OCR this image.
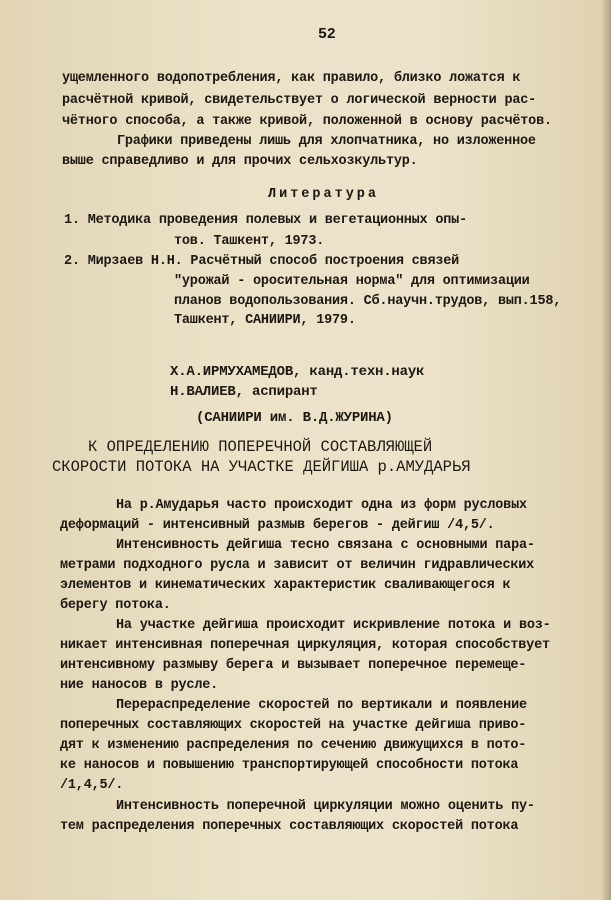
52
ущемленного водопотребления, как правило, близко ложатся к
расчётной кривой, свидетельствует о логической верности рас-
чётного способа, а также кривой, положенной в основу расчётов.
Графики приведены лишь для хлопчатника, но изложенное
выше справедливо и для прочих сельхозкультур.
Литература
1. Методика проведения полевых и вегетационных опы-
тов. Ташкент, 1973.
2. Мирзаев Н.Н. Расчётный способ построения связей
"урожай - оросительная норма" для оптимизации
планов водопользования. Сб.научн.трудов, вып.158,
Ташкент, САНИИРИ, 1979.
Х.А.ИРМУХАМЕДОВ, канд.техн.наук
Н.ВАЛИЕВ, аспирант
(САНИИРИ им. В.Д.ЖУРИНА)
К ОПРЕДЕЛЕНИЮ ПОПЕРЕЧНОЙ СОСТАВЛЯЮЩЕЙ
СКОРОСТИ ПОТОКА НА УЧАСТКЕ ДЕЙГИША р.АМУДАРЬЯ
На р.Амударья часто происходит одна из форм русловых
деформаций - интенсивный размыв берегов - дейгиш /4,5/.
Интенсивность дейгиша тесно связана с основными пара-
метрами подходного русла и зависит от величин гидравлических
элементов и кинематических характеристик сваливающегося к
берегу потока.
На участке дейгиша происходит искривление потока и воз-
никает интенсивная поперечная циркуляция, которая способствует
интенсивному размыву берега и вызывает поперечное перемеще-
ние наносов в русле.
Перераспределение скоростей по вертикали и появление
поперечных составляющих скоростей на участке дейгиша приво-
дят к изменению распределения по сечению движущихся в пото-
ке наносов и повышению транспортирующей способности потока
/1,4,5/.
Интенсивность поперечной циркуляции можно оценить пу-
тем распределения поперечных составляющих скоростей потока
